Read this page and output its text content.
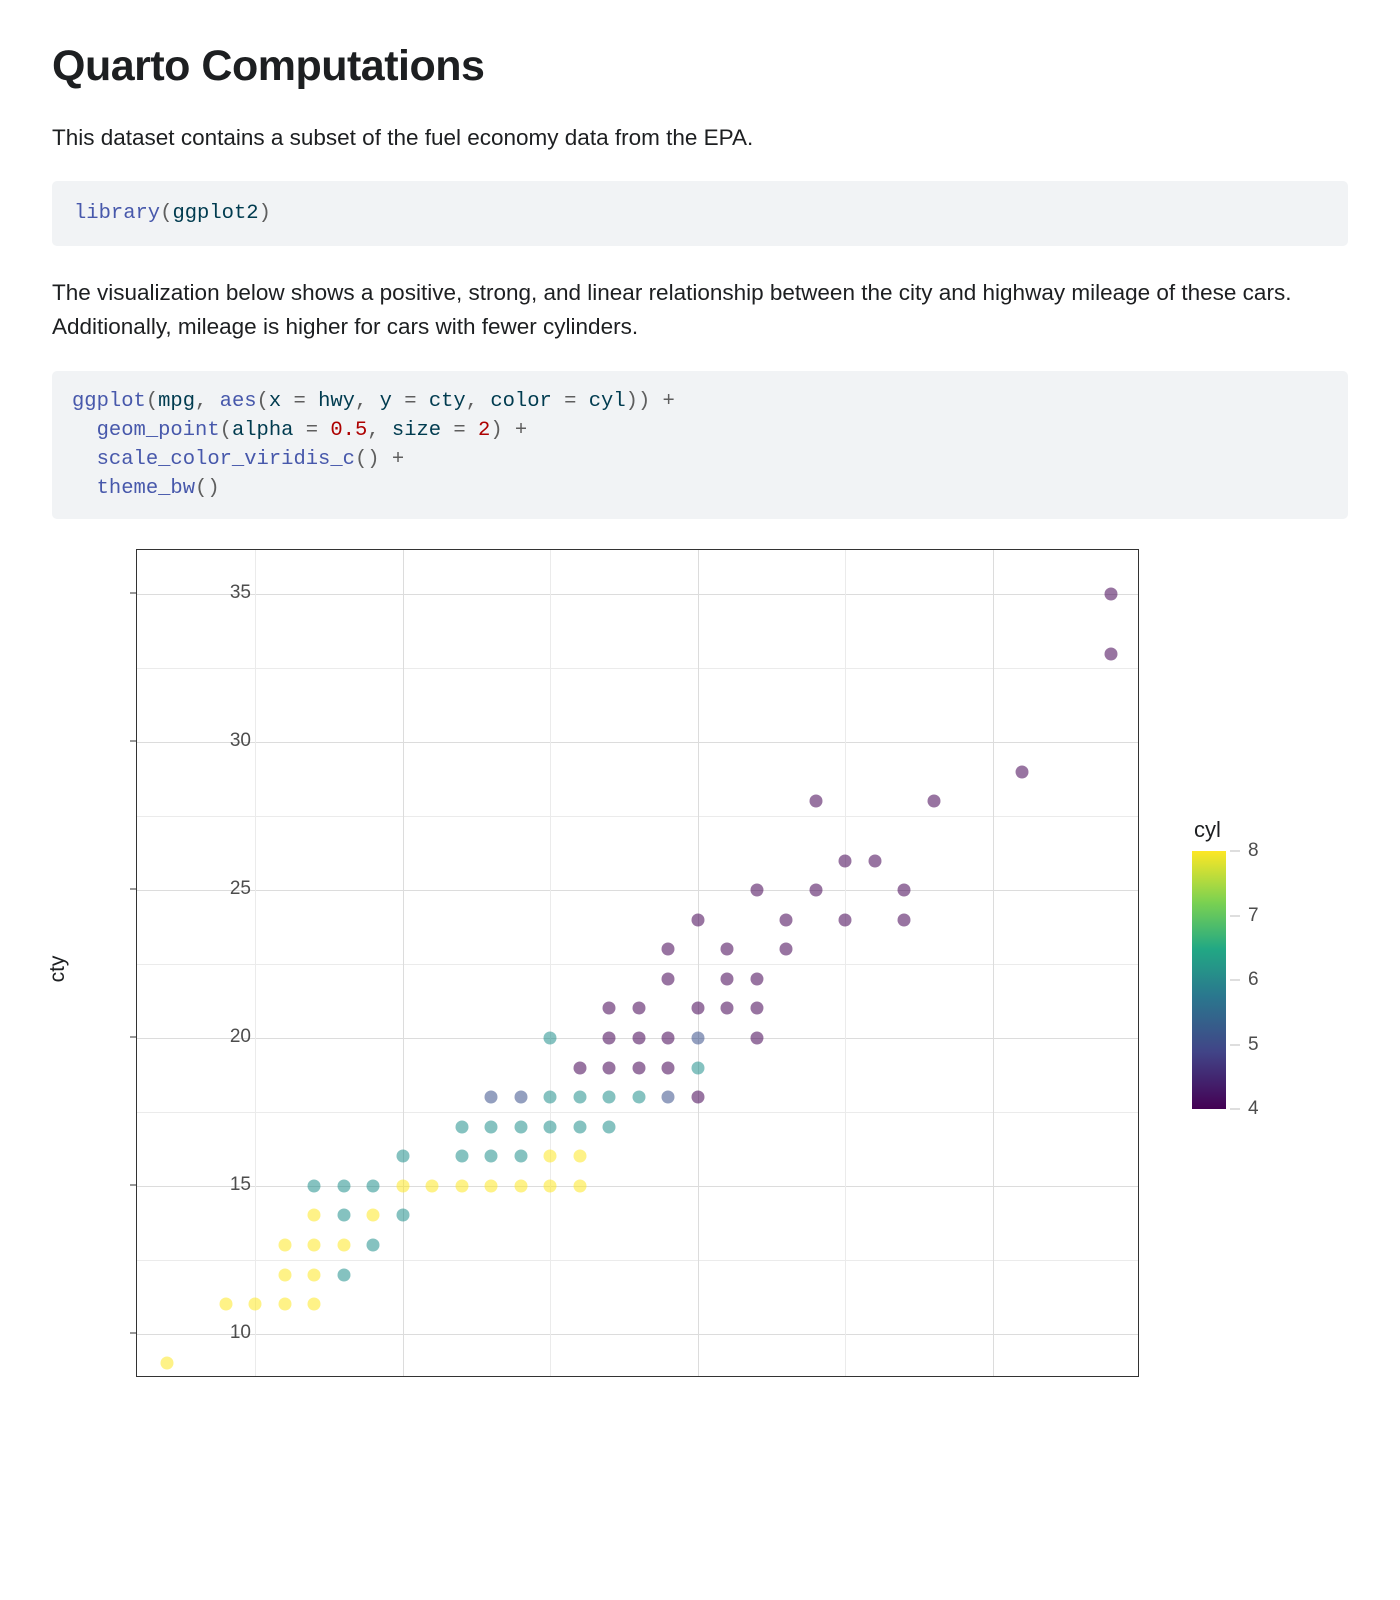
Quarto Computations

This dataset contains a subset of the fuel economy data from the EPA.

library(ggplot2)

The visualization below shows a positive, strong, and linear relationship between the city and highway mileage of these cars. Additionally, mileage is higher for cars with fewer cylinders.

ggplot(mpg, aes(x = hwy, y = cty, color = cyl)) +
geom_point(alpha = 0.5, size = 2) +
scale_color_viridis_c() +
theme_bw()
cty
10
15
20
25
30
35
cyl
4
5
6
7
8
